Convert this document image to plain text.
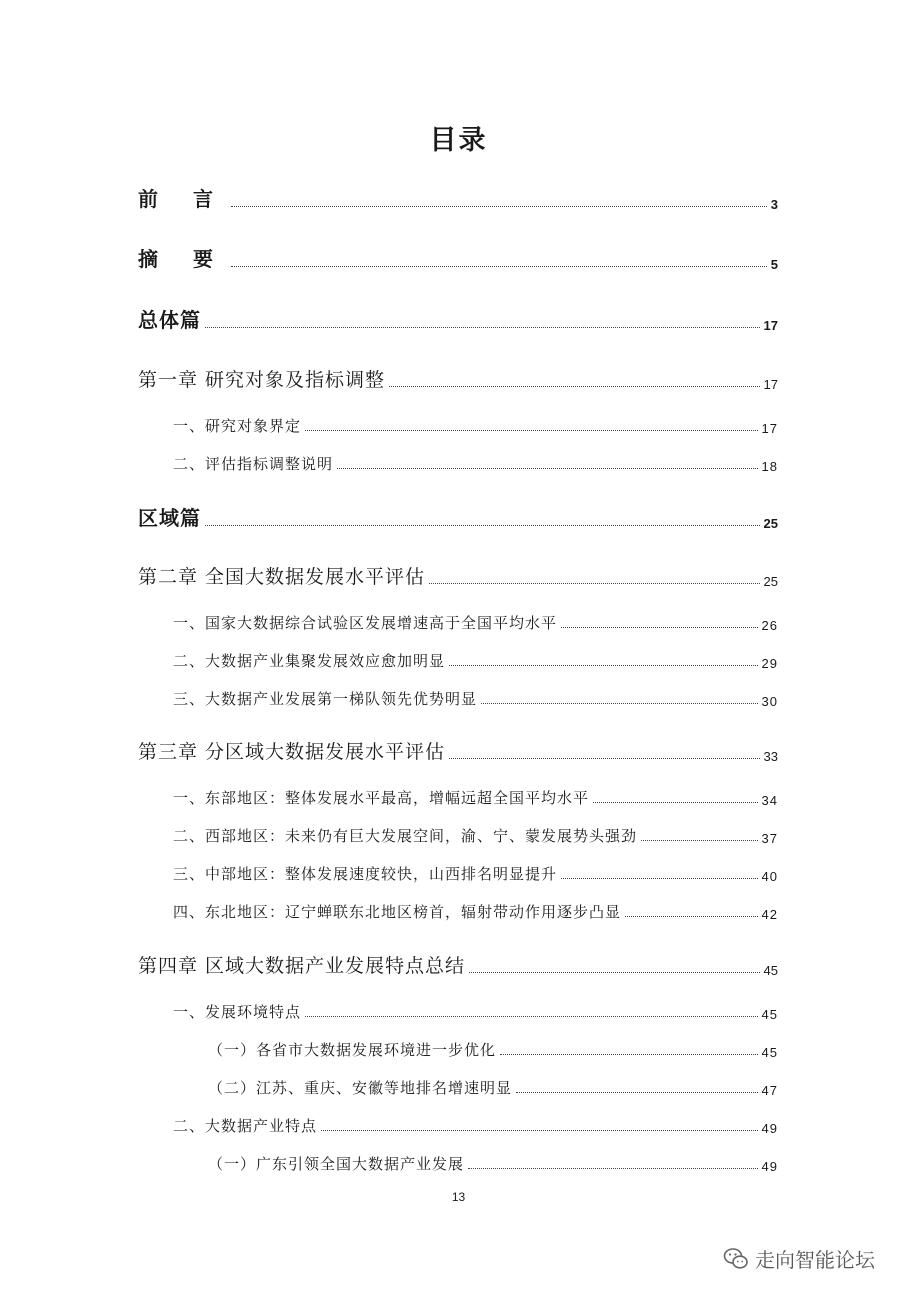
目录
前 言	3
摘 要	5
总体篇	17
第一章 研究对象及指标调整	17
一、研究对象界定	17
二、评估指标调整说明	18
区域篇	25
第二章 全国大数据发展水平评估	25
一、国家大数据综合试验区发展增速高于全国平均水平	26
二、大数据产业集聚发展效应愈加明显	29
三、大数据产业发展第一梯队领先优势明显	30
第三章 分区域大数据发展水平评估	33
一、东部地区：整体发展水平最高，增幅远超全国平均水平	34
二、西部地区：未来仍有巨大发展空间，渝、宁、蒙发展势头强劲	37
三、中部地区：整体发展速度较快，山西排名明显提升	40
四、东北地区：辽宁蝉联东北地区榜首，辐射带动作用逐步凸显	42
第四章 区域大数据产业发展特点总结	45
一、发展环境特点	45
（一）各省市大数据发展环境进一步优化	45
（二）江苏、重庆、安徽等地排名增速明显	47
二、大数据产业特点	49
（一）广东引领全国大数据产业发展	49
13
走向智能论坛
